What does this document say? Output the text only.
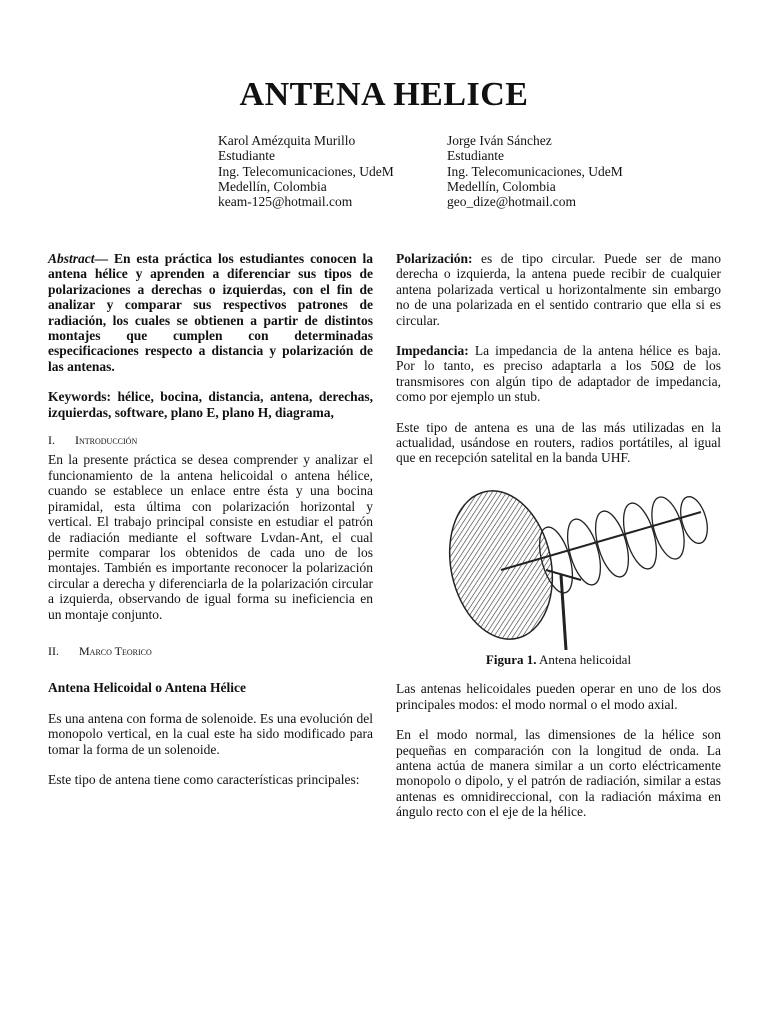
ANTENA HELICE
Karol Amézquita Murillo
Estudiante
Ing. Telecomunicaciones, UdeM
Medellín, Colombia
keam-125@hotmail.com
Jorge Iván Sánchez
Estudiante
Ing. Telecomunicaciones, UdeM
Medellín, Colombia
geo_dize@hotmail.com

Abstract— En esta práctica los estudiantes conocen la antena hélice y aprenden a diferenciar sus tipos de polarizaciones a derechas o izquierdas, con el fin de analizar y comparar sus respectivos patrones de radiación, los cuales se obtienen a partir de distintos montajes que cumplen con determinadas especificaciones respecto a distancia y polarización de las antenas.

Keywords: hélice, bocina, distancia, antena, derechas, izquierdas, software, plano E, plano H, diagrama,

I. Introducción

En la presente práctica se desea comprender y analizar el funcionamiento de la antena helicoidal o antena hélice, cuando se establece un enlace entre ésta y una bocina piramidal, esta última con polarización horizontal y vertical. El trabajo principal consiste en estudiar el patrón de radiación mediante el software Lvdan-Ant, el cual permite comparar los obtenidos de cada uno de los montajes. También es importante reconocer la polarización circular a derecha y diferenciarla de la polarización circular a izquierda, observando de igual forma su ineficiencia en un montaje conjunto.

II. Marco Teorico

Antena Helicoidal o Antena Hélice

Es una antena con forma de solenoide. Es una evolución del monopolo vertical, en la cual este ha sido modificado para tomar la forma de un solenoide.

Este tipo de antena tiene como características principales:

Polarización: es de tipo circular. Puede ser de mano derecha o izquierda, la antena puede recibir de cualquier antena polarizada vertical u horizontalmente sin embargo no de una polarizada en el sentido contrario que ella si es circular.

Impedancia: La impedancia de la antena hélice es baja. Por lo tanto, es preciso adaptarla a los 50Ω de los transmisores con algún tipo de adaptador de impedancia, como por ejemplo un stub.

Este tipo de antena es una de las más utilizadas en la actualidad, usándose en routers, radios portátiles, al igual que en recepción satelital en la banda UHF.

Figura 1. Antena helicoidal

Las antenas helicoidales pueden operar en uno de los dos principales modos: el modo normal o el modo axial.

En el modo normal, las dimensiones de la hélice son pequeñas en comparación con la longitud de onda. La antena actúa de manera similar a un corto eléctricamente monopolo o dipolo, y el patrón de radiación, similar a estas antenas es omnidireccional, con la radiación máxima en ángulo recto con el eje de la hélice.
